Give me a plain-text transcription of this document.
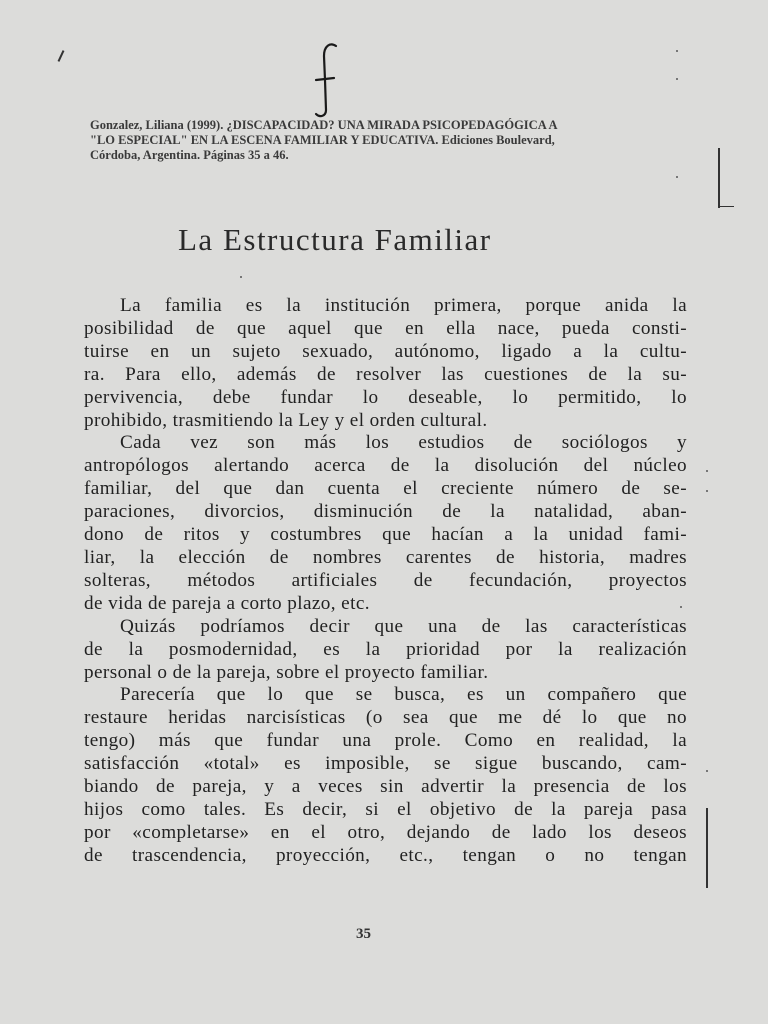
Gonzalez, Liliana (1999). ¿DISCAPACIDAD? UNA MIRADA PSICOPEDAGÓGICA A
"LO ESPECIAL" EN LA ESCENA FAMILIAR Y EDUCATIVA. Ediciones Boulevard,
Córdoba, Argentina. Páginas 35 a 46.
La Estructura Familiar
La familia es la institución primera, porque anida la
posibilidad de que aquel que en ella nace, pueda consti-
tuirse en un sujeto sexuado, autónomo, ligado a la cultu-
ra. Para ello, además de resolver las cuestiones de la su-
pervivencia, debe fundar lo deseable, lo permitido, lo
prohibido, trasmitiendo la Ley y el orden cultural.
Cada vez son más los estudios de sociólogos y
antropólogos alertando acerca de la disolución del núcleo
familiar, del que dan cuenta el creciente número de se-
paraciones, divorcios, disminución de la natalidad, aban-
dono de ritos y costumbres que hacían a la unidad fami-
liar, la elección de nombres carentes de historia, madres
solteras, métodos artificiales de fecundación, proyectos
de vida de pareja a corto plazo, etc.
Quizás podríamos decir que una de las características
de la posmodernidad, es la prioridad por la realización
personal o de la pareja, sobre el proyecto familiar.
Parecería que lo que se busca, es un compañero que
restaure heridas narcisísticas (o sea que me dé lo que no
tengo) más que fundar una prole. Como en realidad, la
satisfacción «total» es imposible, se sigue buscando, cam-
biando de pareja, y a veces sin advertir la presencia de los
hijos como tales. Es decir, si el objetivo de la pareja pasa
por «completarse» en el otro, dejando de lado los deseos
de trascendencia, proyección, etc., tengan o no tengan
35
